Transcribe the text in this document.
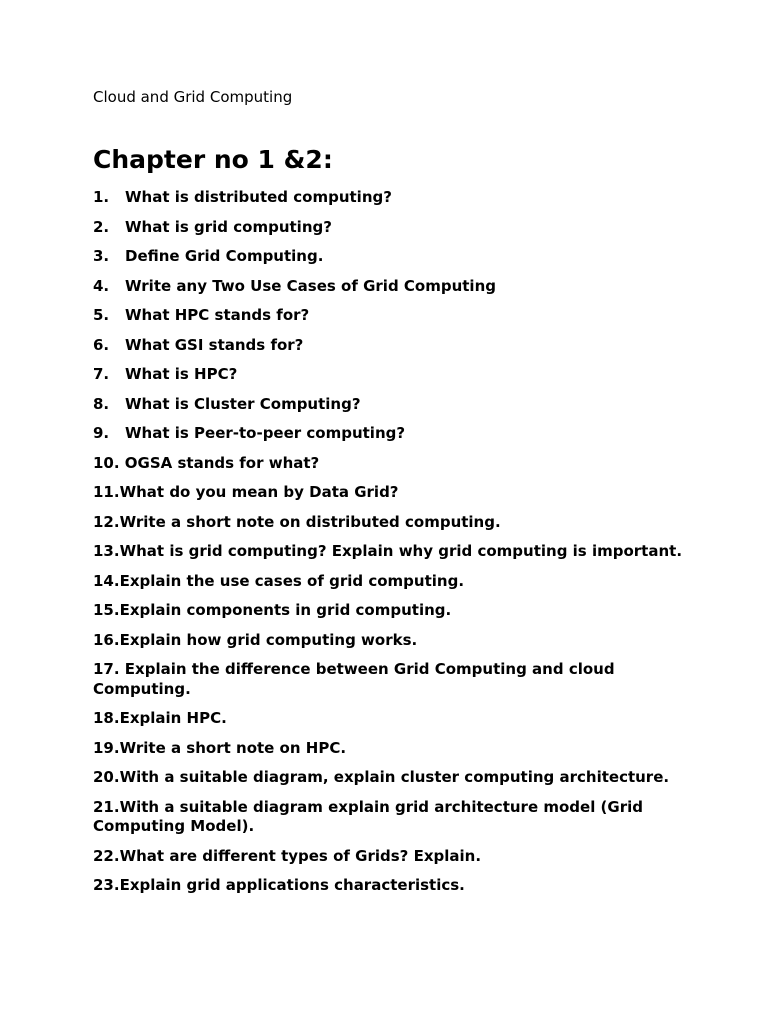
Cloud and Grid Computing
Chapter no 1 &2:
1. What is distributed computing?
2. What is grid computing?
3. Define Grid Computing.
4. Write any Two Use Cases of Grid Computing
5. What HPC stands for?
6. What GSI stands for?
7. What is HPC?
8. What is Cluster Computing?
9. What is Peer-to-peer computing?
10. OGSA stands for what?
11.What do you mean by Data Grid?
12.Write a short note on distributed computing.
13.What is grid computing? Explain why grid computing is important.
14.Explain the use cases of grid computing.
15.Explain components in grid computing.
16.Explain how grid computing works.
17. Explain the difference between Grid Computing and cloud Computing.
18.Explain HPC.
19.Write a short note on HPC.
20.With a suitable diagram, explain cluster computing architecture.
21.With a suitable diagram explain grid architecture model (Grid Computing Model).
22.What are different types of Grids? Explain.
23.Explain grid applications characteristics.
